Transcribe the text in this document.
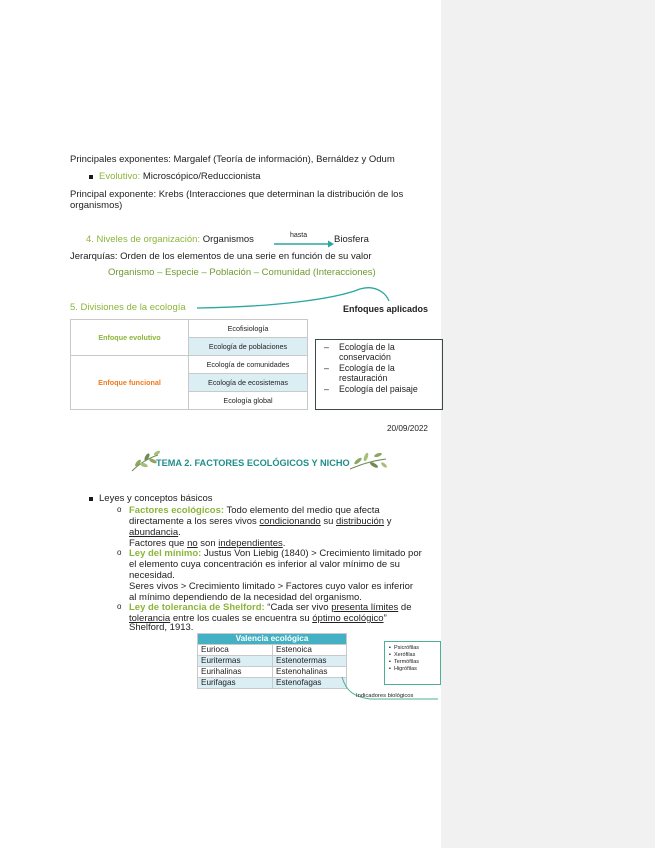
Principales exponentes: Margalef (Teoría de información), Bernáldez y Odum
Evolutivo: Microscópico/Reduccionista
Principal exponente: Krebs (Interacciones que determinan la distribución de los
organismos)
4. Niveles de organización: Organismos	hasta	Biosfera
Jerarquías: Orden de los elementos de una serie en función de su valor
Organismo – Especie – Población – Comunidad (Interacciones)
5. Divisiones de la ecología	Enfoques aplicados
Enfoque evolutivo	Ecofisiología
	Ecología de poblaciones
Enfoque funcional	Ecología de comunidades
	Ecología de ecosistemas
	Ecología global
Ecología de la
conservación
–
Ecología de la
restauración
–
Ecología del paisaje
–
20/09/2022
TEMA 2. FACTORES ECOLÓGICOS Y NICHO
Leyes y conceptos básicos
o Factores ecológicos: Todo elemento del medio que afecta
directamente a los seres vivos condicionando su distribución y
abundancia.
Factores que no son independientes.
o Ley del mínimo: Justus Von Liebig (1840) > Crecimiento limitado por
el elemento cuya concentración es inferior al valor mínimo de su
necesidad.
Seres vivos > Crecimiento limitado > Factores cuyo valor es inferior
al mínimo dependiendo de la necesidad del organismo.
o Ley de tolerancia de Shelford: “Cada ser vivo presenta límites de
tolerancia entre los cuales se encuentra su óptimo ecológico”
Shelford, 1913.
Valencia ecológica	
Eurioca	Estenoica
Euritermas	Estenotermas
Eurihalinas	Estenohalinas
Eurifagas	Estenofagas
▪ Psicrófilas
▪ Xerófilas
▪ Termófilas
▪ Higrófilas
Indicadores biológicos
